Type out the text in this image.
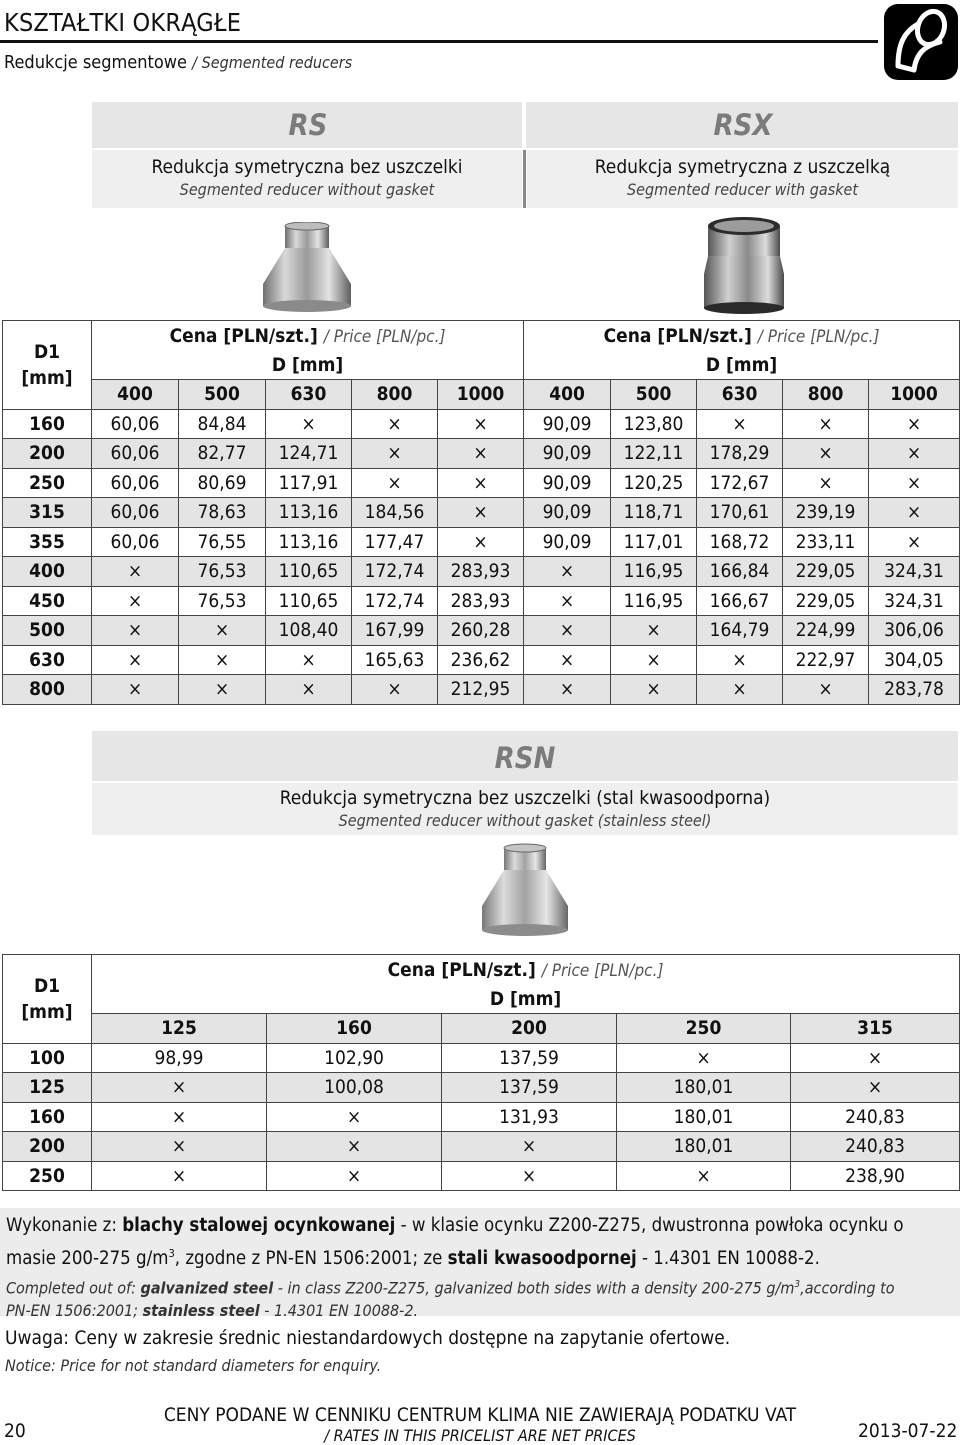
KSZTAŁTKI OKRĄGŁE
Redukcje segmentowe / Segmented reducers
RS	RSX
Redukcja symetryczna bez uszczelki
Segmented reducer without gasket
Redukcja symetryczna z uszczelką
Segmented reducer with gasket
D1
[mm]	Cena [PLN/szt.] / Price [PLN/pc.]					Cena [PLN/szt.] / Price [PLN/pc.]				
	D [mm]					D [mm]				
	400	500	630	800	1000	400	500	630	800	1000
160	60,06	84,84	×	×	×	90,09	123,80	×	×	×
200	60,06	82,77	124,71	×	×	90,09	122,11	178,29	×	×
250	60,06	80,69	117,91	×	×	90,09	120,25	172,67	×	×
315	60,06	78,63	113,16	184,56	×	90,09	118,71	170,61	239,19	×
355	60,06	76,55	113,16	177,47	×	90,09	117,01	168,72	233,11	×
400	×	76,53	110,65	172,74	283,93	×	116,95	166,84	229,05	324,31
450	×	76,53	110,65	172,74	283,93	×	116,95	166,67	229,05	324,31
500	×	×	108,40	167,99	260,28	×	×	164,79	224,99	306,06
630	×	×	×	165,63	236,62	×	×	×	222,97	304,05
800	×	×	×	×	212,95	×	×	×	×	283,78
RSN
Redukcja symetryczna bez uszczelki (stal kwasoodporna)
Segmented reducer without gasket (stainless steel)
D1
[mm]	Cena [PLN/szt.] / Price [PLN/pc.]				
	D [mm]				
	125	160	200	250	315
100	98,99	102,90	137,59	×	×
125	×	100,08	137,59	180,01	×
160	×	×	131,93	180,01	240,83
200	×	×	×	180,01	240,83
250	×	×	×	×	238,90
Wykonanie z: blachy stalowej ocynkowanej - w klasie ocynku Z200-Z275, dwustronna powłoka ocynku o
masie 200-275 $g/m^3$, zgodne z PN-EN 1506:2001; ze stali kwasoodpornej - 1.4301 EN 10088-2.
Completed out of: galvanized steel - in class Z200-Z275, galvanized both sides with a density 200-275 $g/m^3,according$ to
PN-EN 1506:2001; stainless steel - 1.4301 EN 10088-2.
Uwaga: Ceny w zakresie średnic niestandardowych dostępne na zapytanie ofertowe.
Notice: Price for not standard diameters for enquiry.
20
CENY PODANE W CENNIKU CENTRUM KLIMA NIE ZAWIERAJĄ PODATKU VAT
/ RATES IN THIS PRICELIST ARE NET PRICES	2013-07-22
